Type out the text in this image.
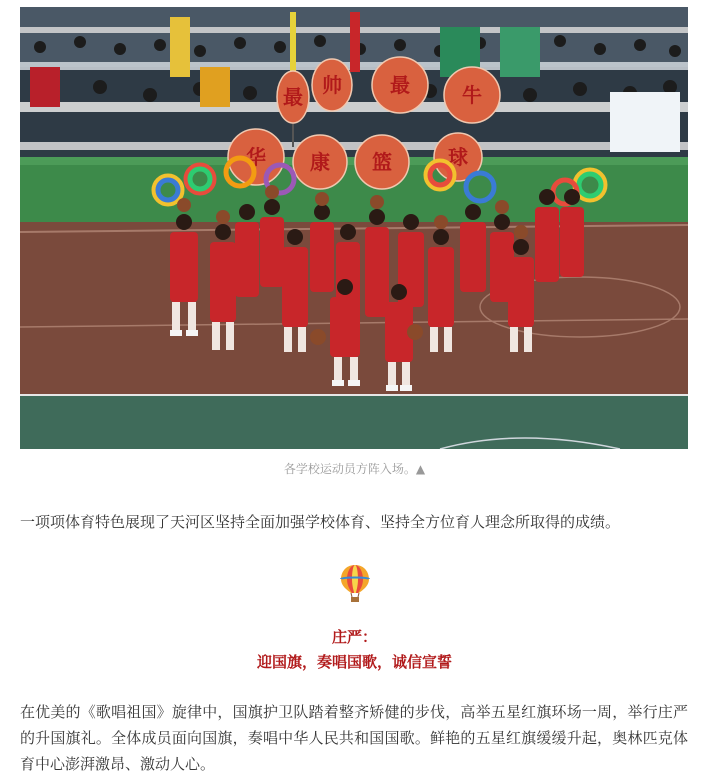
最 帅 最	牛
华 康 篮	球
各学校运动员方阵入场。▲
一项项体育特色展现了天河区坚持全面加强学校体育、坚持全方位育人理念所取得的成绩。
庄严：
迎国旗，奏唱国歌，诚信宣誓
在优美的《歌唱祖国》旋律中，国旗护卫队踏着整齐矫健的步伐，高举五星红旗环场一周，举行庄严的升国旗礼。全体成员面向国旗，奏唱中华人民共和国国歌。鲜艳的五星红旗缓缓升起，奥林匹克体育中心澎湃激昂、激动人心。
